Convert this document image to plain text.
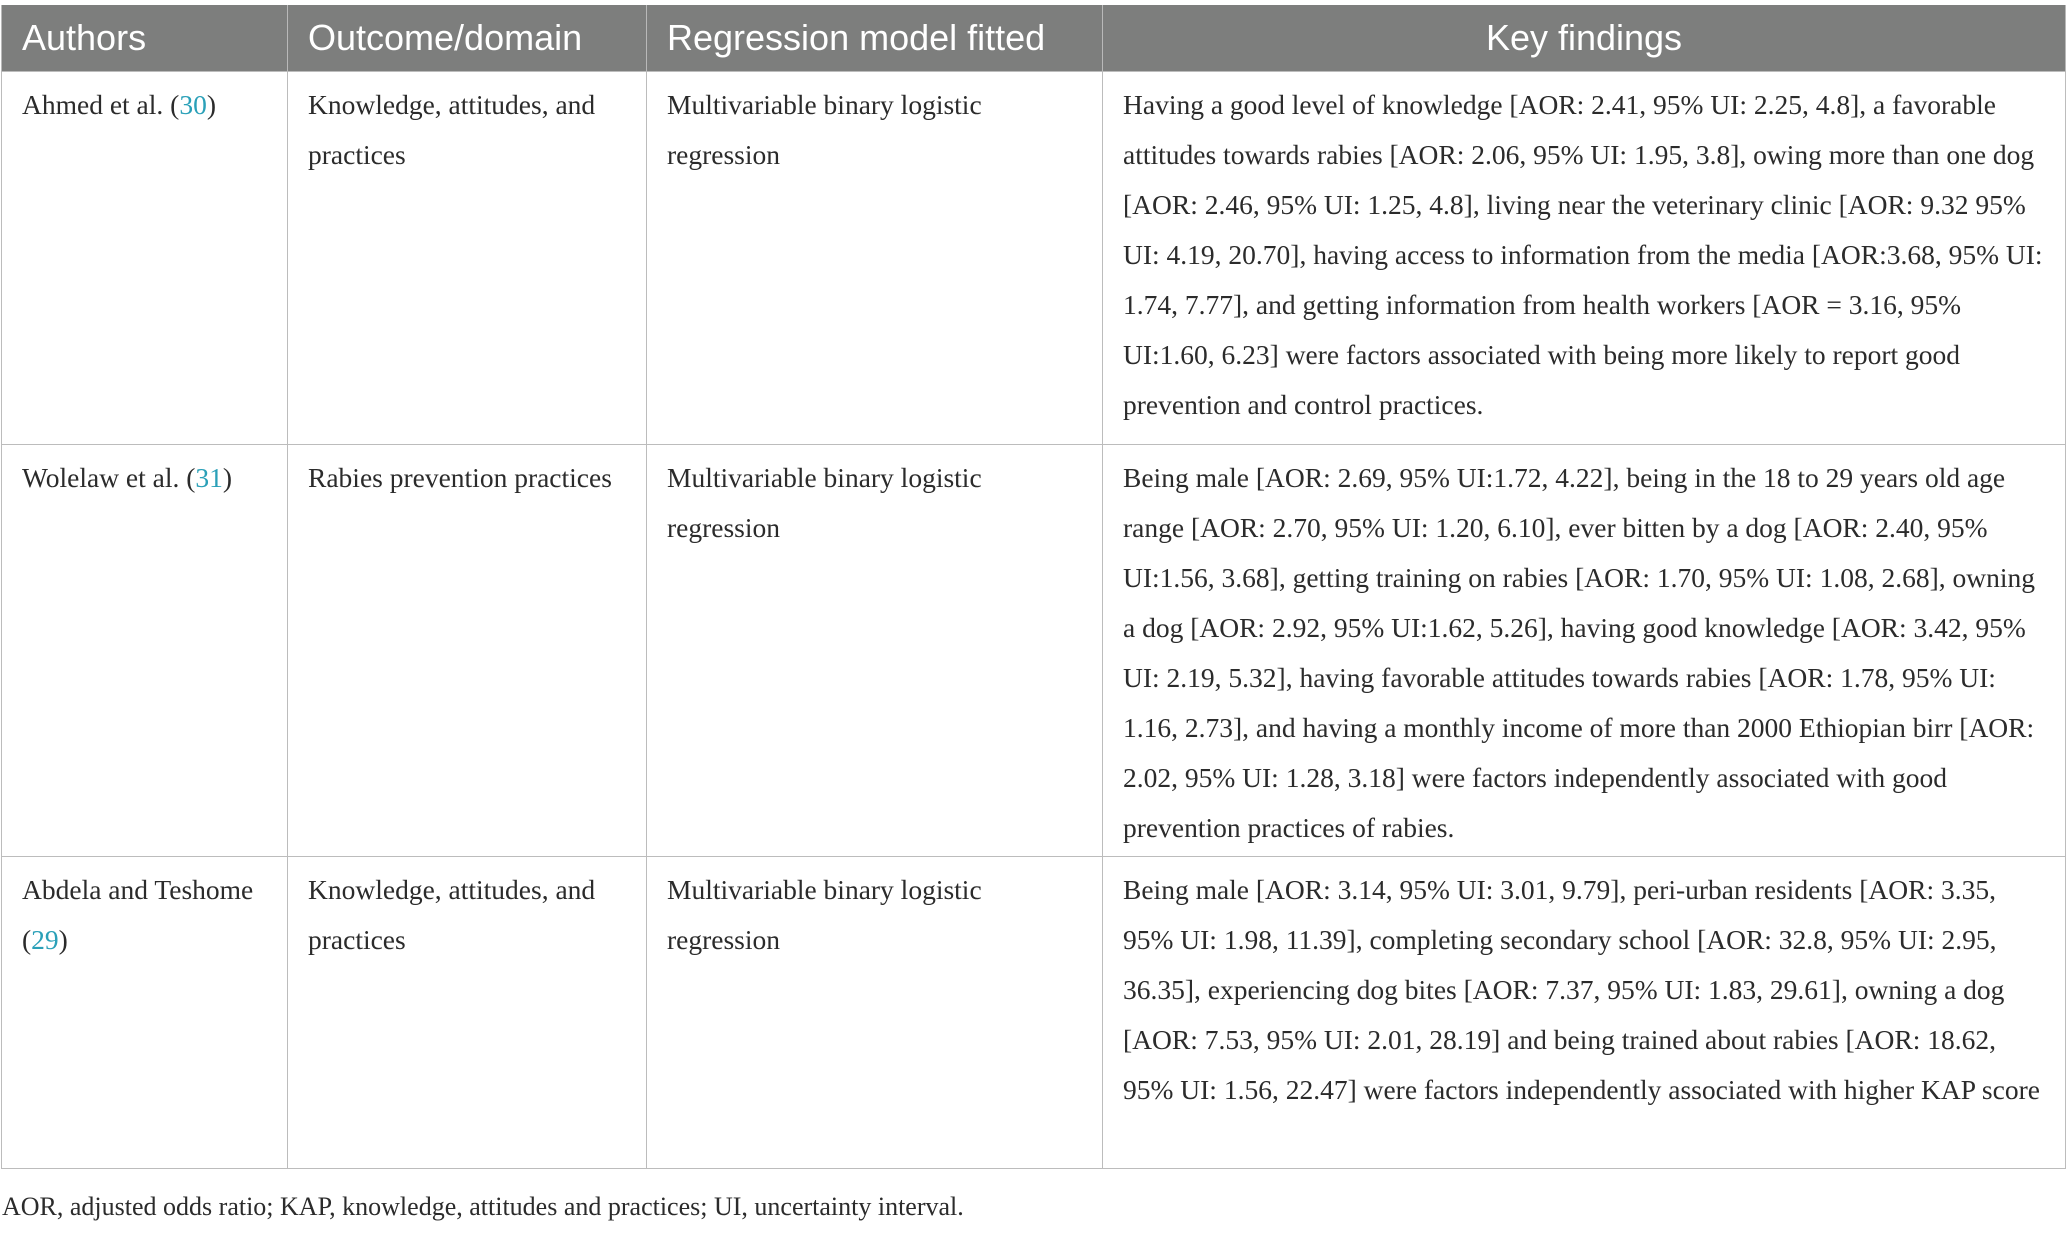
Authors	Outcome/domain	Regression model fitted	Key findings
Ahmed et al. (30)	Knowledge, attitudes, and practices	Multivariable binary logistic regression	Having a good level of knowledge [AOR: 2.41, 95% UI: 2.25, 4.8], a favorable attitudes towards rabies [AOR: 2.06, 95% UI: 1.95, 3.8], owing more than one dog [AOR: 2.46, 95% UI: 1.25, 4.8], living near the veterinary clinic [AOR: 9.32 95% UI: 4.19, 20.70], having access to information from the media [AOR:3.68, 95% UI: 1.74, 7.77], and getting information from health workers [AOR = 3.16, 95% UI:1.60, 6.23] were factors associated with being more likely to report good prevention and control practices.
Wolelaw et al. (31)	Rabies prevention practices	Multivariable binary logistic regression	Being male [AOR: 2.69, 95% UI:1.72, 4.22], being in the 18 to 29 years old age range [AOR: 2.70, 95% UI: 1.20, 6.10], ever bitten by a dog [AOR: 2.40, 95% UI:1.56, 3.68], getting training on rabies [AOR: 1.70, 95% UI: 1.08, 2.68], owning a dog [AOR: 2.92, 95% UI:1.62, 5.26], having good knowledge [AOR: 3.42, 95% UI: 2.19, 5.32], having favorable attitudes towards rabies [AOR: 1.78, 95% UI: 1.16, 2.73], and having a monthly income of more than 2000 Ethiopian birr [AOR: 2.02, 95% UI: 1.28, 3.18] were factors independently associated with good prevention practices of rabies.
Abdela and Teshome (29)	Knowledge, attitudes, and practices	Multivariable binary logistic regression	Being male [AOR: 3.14, 95% UI: 3.01, 9.79], peri-urban residents [AOR: 3.35, 95% UI: 1.98, 11.39], completing secondary school [AOR: 32.8, 95% UI: 2.95, 36.35], experiencing dog bites [AOR: 7.37, 95% UI: 1.83, 29.61], owning a dog [AOR: 7.53, 95% UI: 2.01, 28.19] and being trained about rabies [AOR: 18.62, 95% UI: 1.56, 22.47] were factors independently associated with higher KAP score
AOR, adjusted odds ratio; KAP, knowledge, attitudes and practices; UI, uncertainty interval.
